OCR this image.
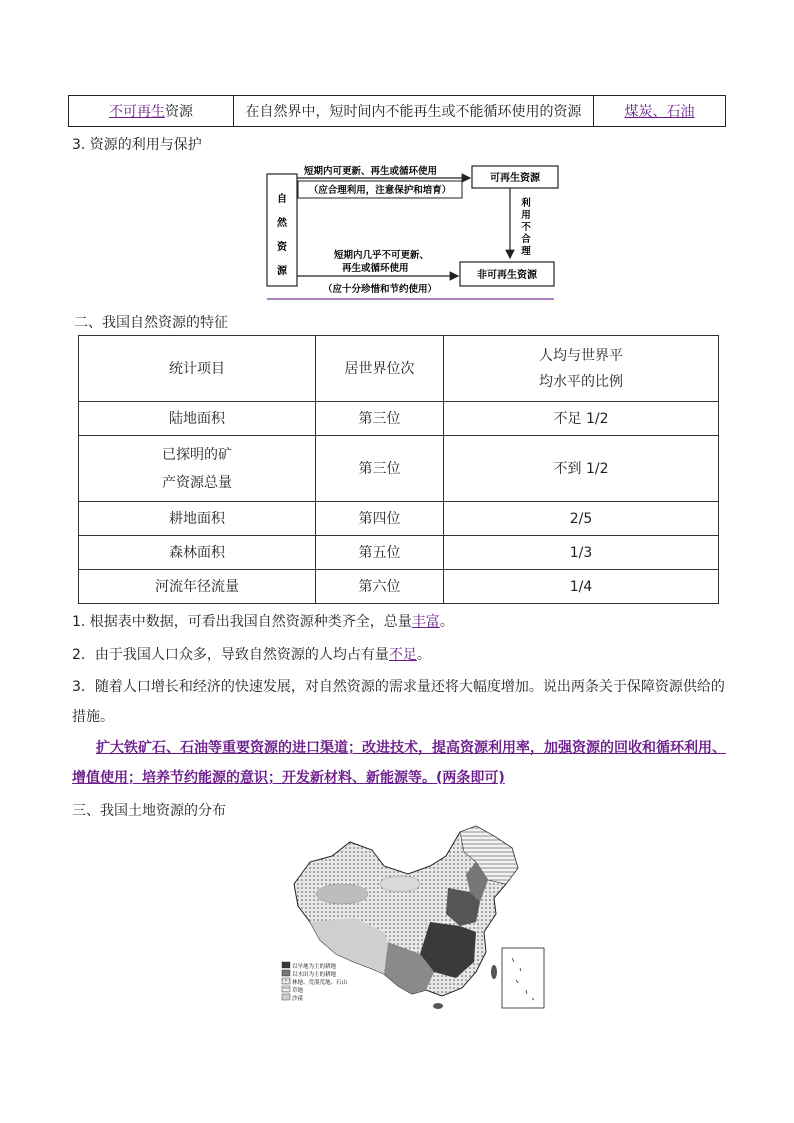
不可再生 资源	在自然界中，短时间内不能再生或不能循环使用的资源	煤炭、石油
3. 资源的利用与保护
自
然
资
源
短期内可更新、再生或循环使用
（应合理利用，注意保护和培育）
可再生资源
利
用
不
合
理
短期内几乎不可更新、
再生或循环使用
非可再生资源
（应十分珍惜和节约使用）
二、我国自然资源的特征
统计项目	居世界位次	人均与世界平
均水平的比例

陆地面积	第三位	不足 1/2

已探明的矿
产资源总量	第三位	不到 1/2
耕地面积	第四位	2/5
森林面积	第五位	1/3
河流年径流量	第六位	1/4
1. 根据表中数据，可看出我国自然资源种类齐全，总量丰富。
2．由于我国人口众多，导致自然资源的人均占有量不足。
3．随着人口增长和经济的快速发展，对自然资源的需求量还将大幅度增加。说出两条关于保障资源供给的
措施。
扩大铁矿石、石油等重要资源的进口渠道；改进技术，提高资源利用率，加强资源的回收和循环利用、
增值使用；培养节约能源的意识；开发新材料、新能源等。(两条即可)
三、我国土地资源的分布
以旱地为主的耕地
以水田为主的耕地
林地、荒漠荒地、石山
草地
沙漠
